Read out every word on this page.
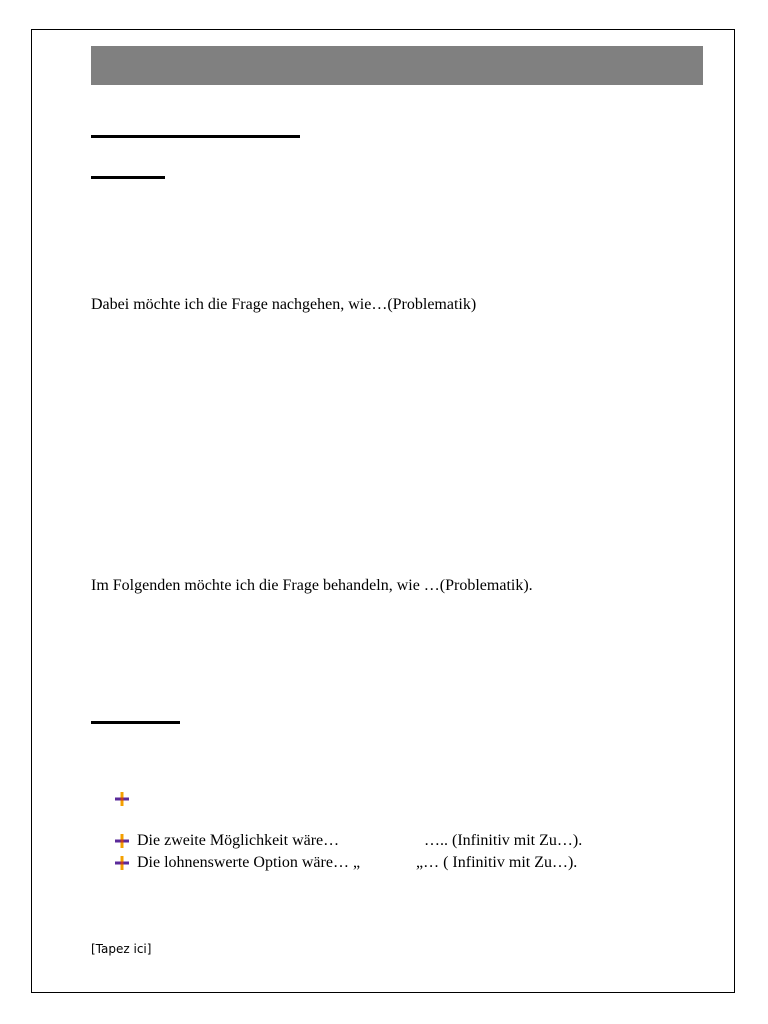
Dabei möchte ich die Frage nachgehen, wie…(Problematik)
Im Folgenden möchte ich die Frage behandeln, wie …(Problematik).
Die zweite Möglichkeit wäre…	….. (Infinitiv mit Zu…).
Die lohnenswerte Option wäre… „	„… ( Infinitiv mit Zu…).
[Tapez ici]
